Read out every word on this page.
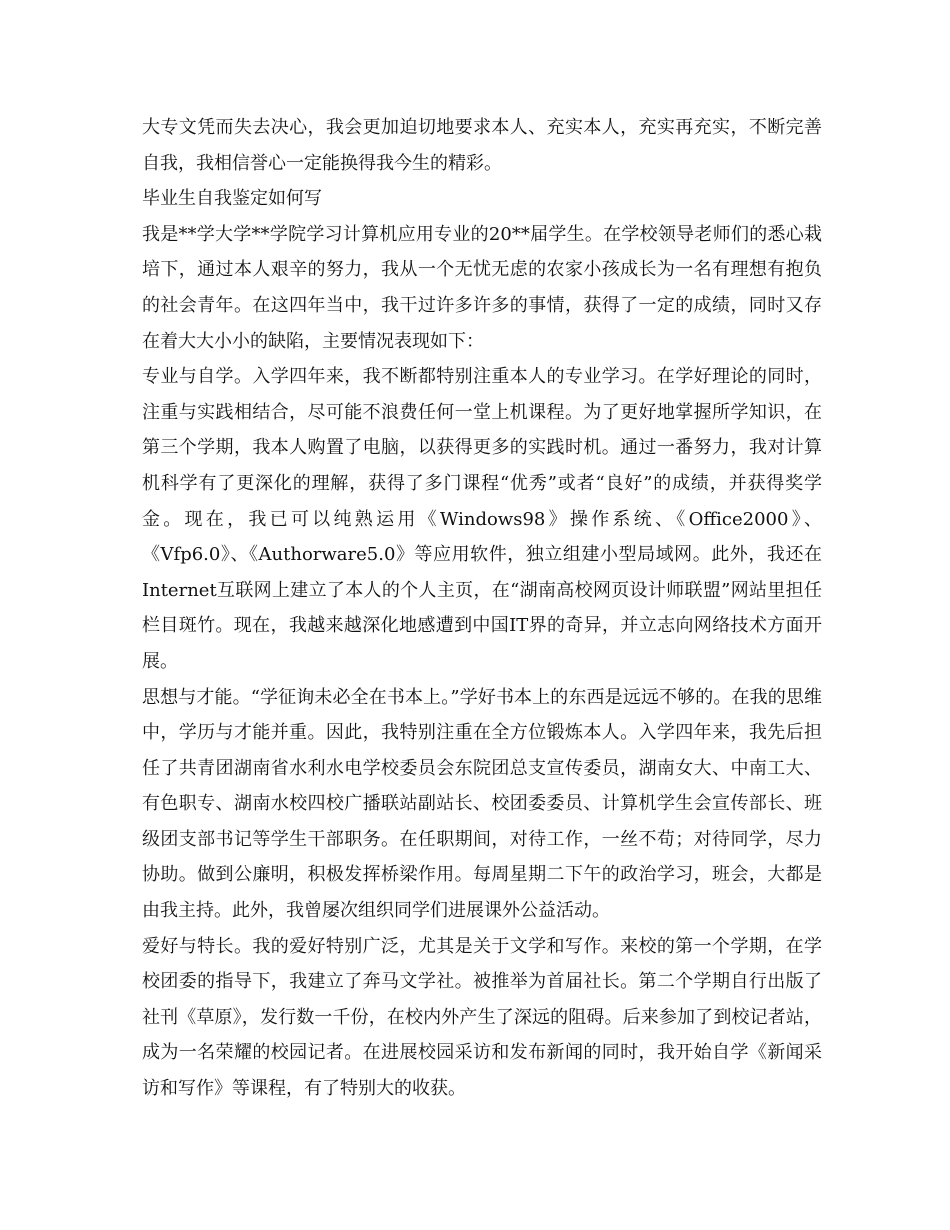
大专文凭而失去决心，我会更加迫切地要求本人、充实本人，充实再充实，不断完善自我，我相信誉心一定能换得我今生的精彩。

毕业生自我鉴定如何写

我是**学大学**学院学习计算机应用专业的20**届学生。在学校领导老师们的悉心栽培下，通过本人艰辛的努力，我从一个无忧无虑的农家小孩成长为一名有理想有抱负的社会青年。在这四年当中，我干过许多许多的事情，获得了一定的成绩，同时又存在着大大小小的缺陷，主要情况表现如下：

专业与自学。入学四年来，我不断都特别注重本人的专业学习。在学好理论的同时，注重与实践相结合，尽可能不浪费任何一堂上机课程。为了更好地掌握所学知识，在第三个学期，我本人购置了电脑，以获得更多的实践时机。通过一番努力，我对计算机科学有了更深化的理解，获得了多门课程“优秀”或者“良好”的成绩，并获得奖学金。现在，我已可以纯熟运用《Windows98》操作系统、《Office2000》、《Vfp6.0》、《Authorware5.0》等应用软件，独立组建小型局域网。此外，我还在Internet互联网上建立了本人的个人主页，在“湖南高校网页设计师联盟”网站里担任栏目斑竹。现在，我越来越深化地感遭到中国IT界的奇异，并立志向网络技术方面开展。

思想与才能。“学征询未必全在书本上。”学好书本上的东西是远远不够的。在我的思维中，学历与才能并重。因此，我特别注重在全方位锻炼本人。入学四年来，我先后担任了共青团湖南省水利水电学校委员会东院团总支宣传委员，湖南女大、中南工大、有色职专、湖南水校四校广播联站副站长、校团委委员、计算机学生会宣传部长、班级团支部书记等学生干部职务。在任职期间，对待工作，一丝不苟；对待同学，尽力协助。做到公廉明，积极发挥桥梁作用。每周星期二下午的政治学习，班会，大都是由我主持。此外，我曾屡次组织同学们进展课外公益活动。

爱好与特长。我的爱好特别广泛，尤其是关于文学和写作。来校的第一个学期，在学校团委的指导下，我建立了奔马文学社。被推举为首届社长。第二个学期自行出版了社刊《草原》，发行数一千份，在校内外产生了深远的阻碍。后来参加了到校记者站，成为一名荣耀的校园记者。在进展校园采访和发布新闻的同时，我开始自学《新闻采访和写作》等课程，有了特别大的收获。
